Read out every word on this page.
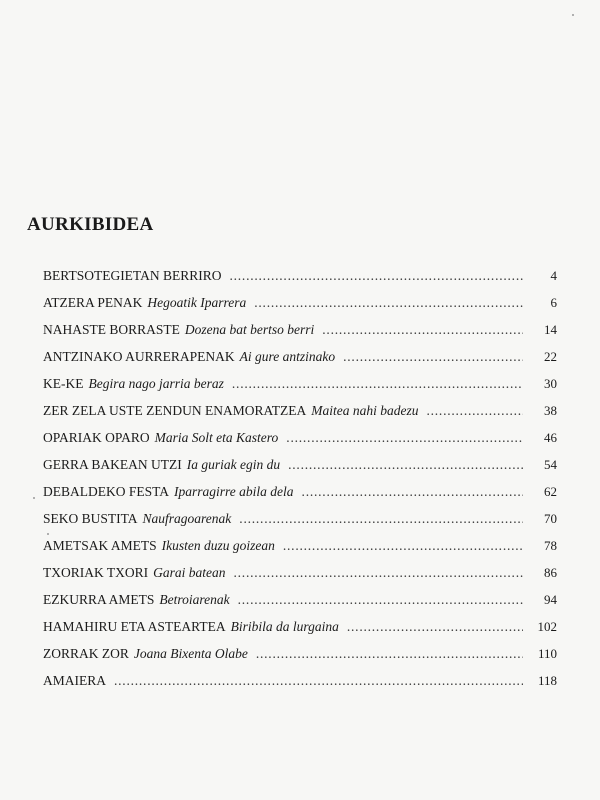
AURKIBIDEA
BERTSOTEGIETAN BERRIRO . . .	4
ATZERA PENAK Hegoatik Iparrera . . .	6
NAHASTE BORRASTE Dozena bat bertso berri . . .	14
ANTZINAKO AURRERAPENAK Ai gure antzinako . . .	22
KE-KE Begira nago jarria beraz . . .	30
ZER ZELA USTE ZENDUN ENAMORATZEA Maitea nahi badezu . . .	38
OPARIAK OPARO Maria Solt eta Kastero . . .	46
GERRA BAKEAN UTZI Ia guriak egin du . . .	54
DEBALDEKO FESTA Iparragirre abila dela . . .	62
SEKO BUSTITA Naufragoarenak . . .	70
AMETSAK AMETS Ikusten duzu goizean . . .	78
TXORIAK TXORI Garai batean . . .	86
EZKURRA AMETS Betroiarenak . . .	94
HAMAHIRU ETA ASTEARTEA Biribila da lurgaina . . .	102
ZORRAK ZOR Joana Bixenta Olabe . . .	110
AMAIERA . . .	118
